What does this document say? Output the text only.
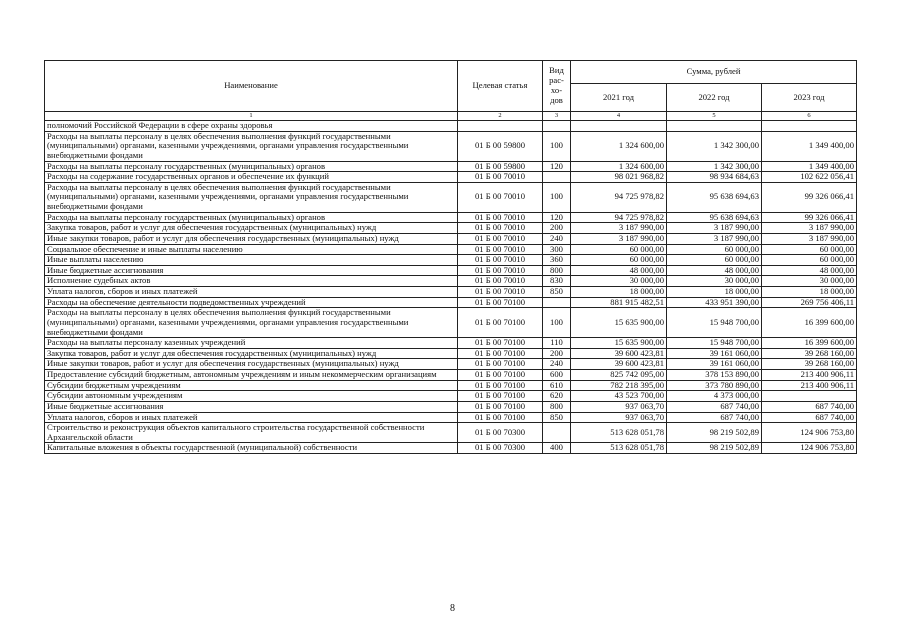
Наименование	Целевая статья	Вид рас-хо-дов	Сумма, рублей		
			2021 год	2022 год	2023 год
1	2	3	4	5	6
полномочий Российской Федерации в сфере охраны здоровья					
Расходы на выплаты персоналу в целях обеспечения выполнения функций государственными (муниципальными) органами, казенными учреждениями, органами управления государственными внебюджетными фондами	01 Б 00 59800	100	1 324 600,00	1 342 300,00	1 349 400,00
Расходы на выплаты персоналу государственных (муниципальных) органов	01 Б 00 59800	120	1 324 600,00	1 342 300,00	1 349 400,00
Расходы на содержание государственных органов и обеспечение их функций	01 Б 00 70010		98 021 968,82	98 934 684,63	102 622 056,41
Расходы на выплаты персоналу в целях обеспечения выполнения функций государственными (муниципальными) органами, казенными учреждениями, органами управления государственными внебюджетными фондами	01 Б 00 70010	100	94 725 978,82	95 638 694,63	99 326 066,41
Расходы на выплаты персоналу государственных (муниципальных) органов	01 Б 00 70010	120	94 725 978,82	95 638 694,63	99 326 066,41
Закупка товаров, работ и услуг для обеспечения государственных (муниципальных) нужд	01 Б 00 70010	200	3 187 990,00	3 187 990,00	3 187 990,00
Иные закупки товаров, работ и услуг для обеспечения государственных (муниципальных) нужд	01 Б 00 70010	240	3 187 990,00	3 187 990,00	3 187 990,00
Социальное обеспечение и иные выплаты населению	01 Б 00 70010	300	60 000,00	60 000,00	60 000,00
Иные выплаты населению	01 Б 00 70010	360	60 000,00	60 000,00	60 000,00
Иные бюджетные ассигнования	01 Б 00 70010	800	48 000,00	48 000,00	48 000,00
Исполнение судебных актов	01 Б 00 70010	830	30 000,00	30 000,00	30 000,00
Уплата налогов, сборов и иных платежей	01 Б 00 70010	850	18 000,00	18 000,00	18 000,00
Расходы на обеспечение деятельности подведомственных учреждений	01 Б 00 70100		881 915 482,51	433 951 390,00	269 756 406,11
Расходы на выплаты персоналу в целях обеспечения выполнения функций государственными (муниципальными) органами, казенными учреждениями, органами управления государственными внебюджетными фондами	01 Б 00 70100	100	15 635 900,00	15 948 700,00	16 399 600,00
Расходы на выплаты персоналу казенных учреждений	01 Б 00 70100	110	15 635 900,00	15 948 700,00	16 399 600,00
Закупка товаров, работ и услуг для обеспечения государственных (муниципальных) нужд	01 Б 00 70100	200	39 600 423,81	39 161 060,00	39 268 160,00
Иные закупки товаров, работ и услуг для обеспечения государственных (муниципальных) нужд	01 Б 00 70100	240	39 600 423,81	39 161 060,00	39 268 160,00
Предоставление субсидий бюджетным, автономным учреждениям и иным некоммерческим организациям	01 Б 00 70100	600	825 742 095,00	378 153 890,00	213 400 906,11
Субсидии бюджетным учреждениям	01 Б 00 70100	610	782 218 395,00	373 780 890,00	213 400 906,11
Субсидии автономным учреждениям	01 Б 00 70100	620	43 523 700,00	4 373 000,00	
Иные бюджетные ассигнования	01 Б 00 70100	800	937 063,70	687 740,00	687 740,00
Уплата налогов, сборов и иных платежей	01 Б 00 70100	850	937 063,70	687 740,00	687 740,00
Строительство и реконструкция объектов капитального строительства государственной собственности Архангельской области	01 Б 00 70300		513 628 051,78	98 219 502,89	124 906 753,80
Капитальные вложения в объекты государственной (муниципальной) собственности	01 Б 00 70300	400	513 628 051,78	98 219 502,89	124 906 753,80
8
